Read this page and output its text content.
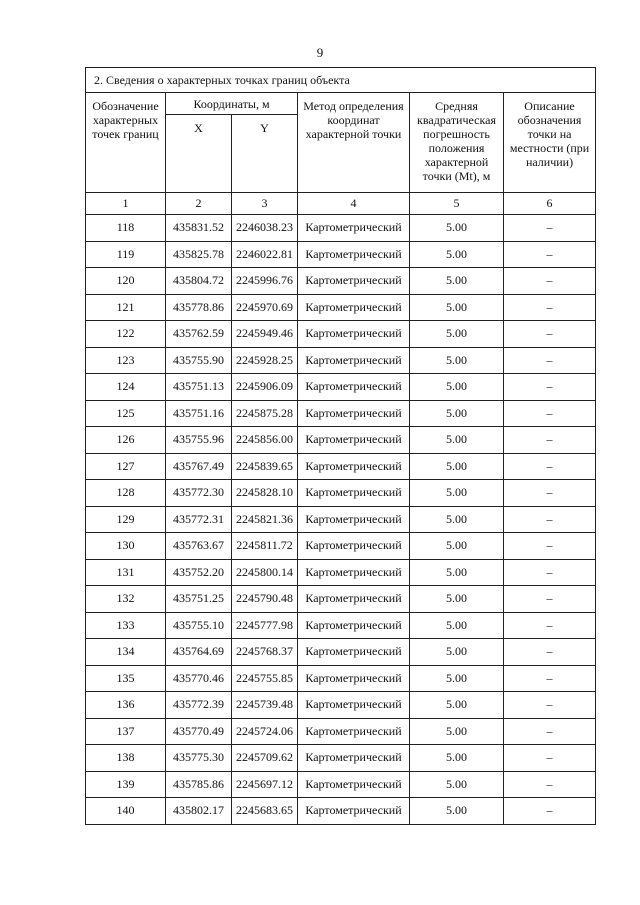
9
2. Сведения о характерных точках границ объекта					
Обозначение характерных точек границ	Координаты, м		Метод определения координат характерной точки	Средняя квадратическая погрешность положения характерной точки (Mt), м	Описание обозначения точки на местности (при наличии)
	X	Y			
1	2	3	4	5	6
118	435831.52	2246038.23	Картометрический	5.00	–
119	435825.78	2246022.81	Картометрический	5.00	–
120	435804.72	2245996.76	Картометрический	5.00	–
121	435778.86	2245970.69	Картометрический	5.00	–
122	435762.59	2245949.46	Картометрический	5.00	–
123	435755.90	2245928.25	Картометрический	5.00	–
124	435751.13	2245906.09	Картометрический	5.00	–
125	435751.16	2245875.28	Картометрический	5.00	–
126	435755.96	2245856.00	Картометрический	5.00	–
127	435767.49	2245839.65	Картометрический	5.00	–
128	435772.30	2245828.10	Картометрический	5.00	–
129	435772.31	2245821.36	Картометрический	5.00	–
130	435763.67	2245811.72	Картометрический	5.00	–
131	435752.20	2245800.14	Картометрический	5.00	–
132	435751.25	2245790.48	Картометрический	5.00	–
133	435755.10	2245777.98	Картометрический	5.00	–
134	435764.69	2245768.37	Картометрический	5.00	–
135	435770.46	2245755.85	Картометрический	5.00	–
136	435772.39	2245739.48	Картометрический	5.00	–
137	435770.49	2245724.06	Картометрический	5.00	–
138	435775.30	2245709.62	Картометрический	5.00	–
139	435785.86	2245697.12	Картометрический	5.00	–
140	435802.17	2245683.65	Картометрический	5.00	–
